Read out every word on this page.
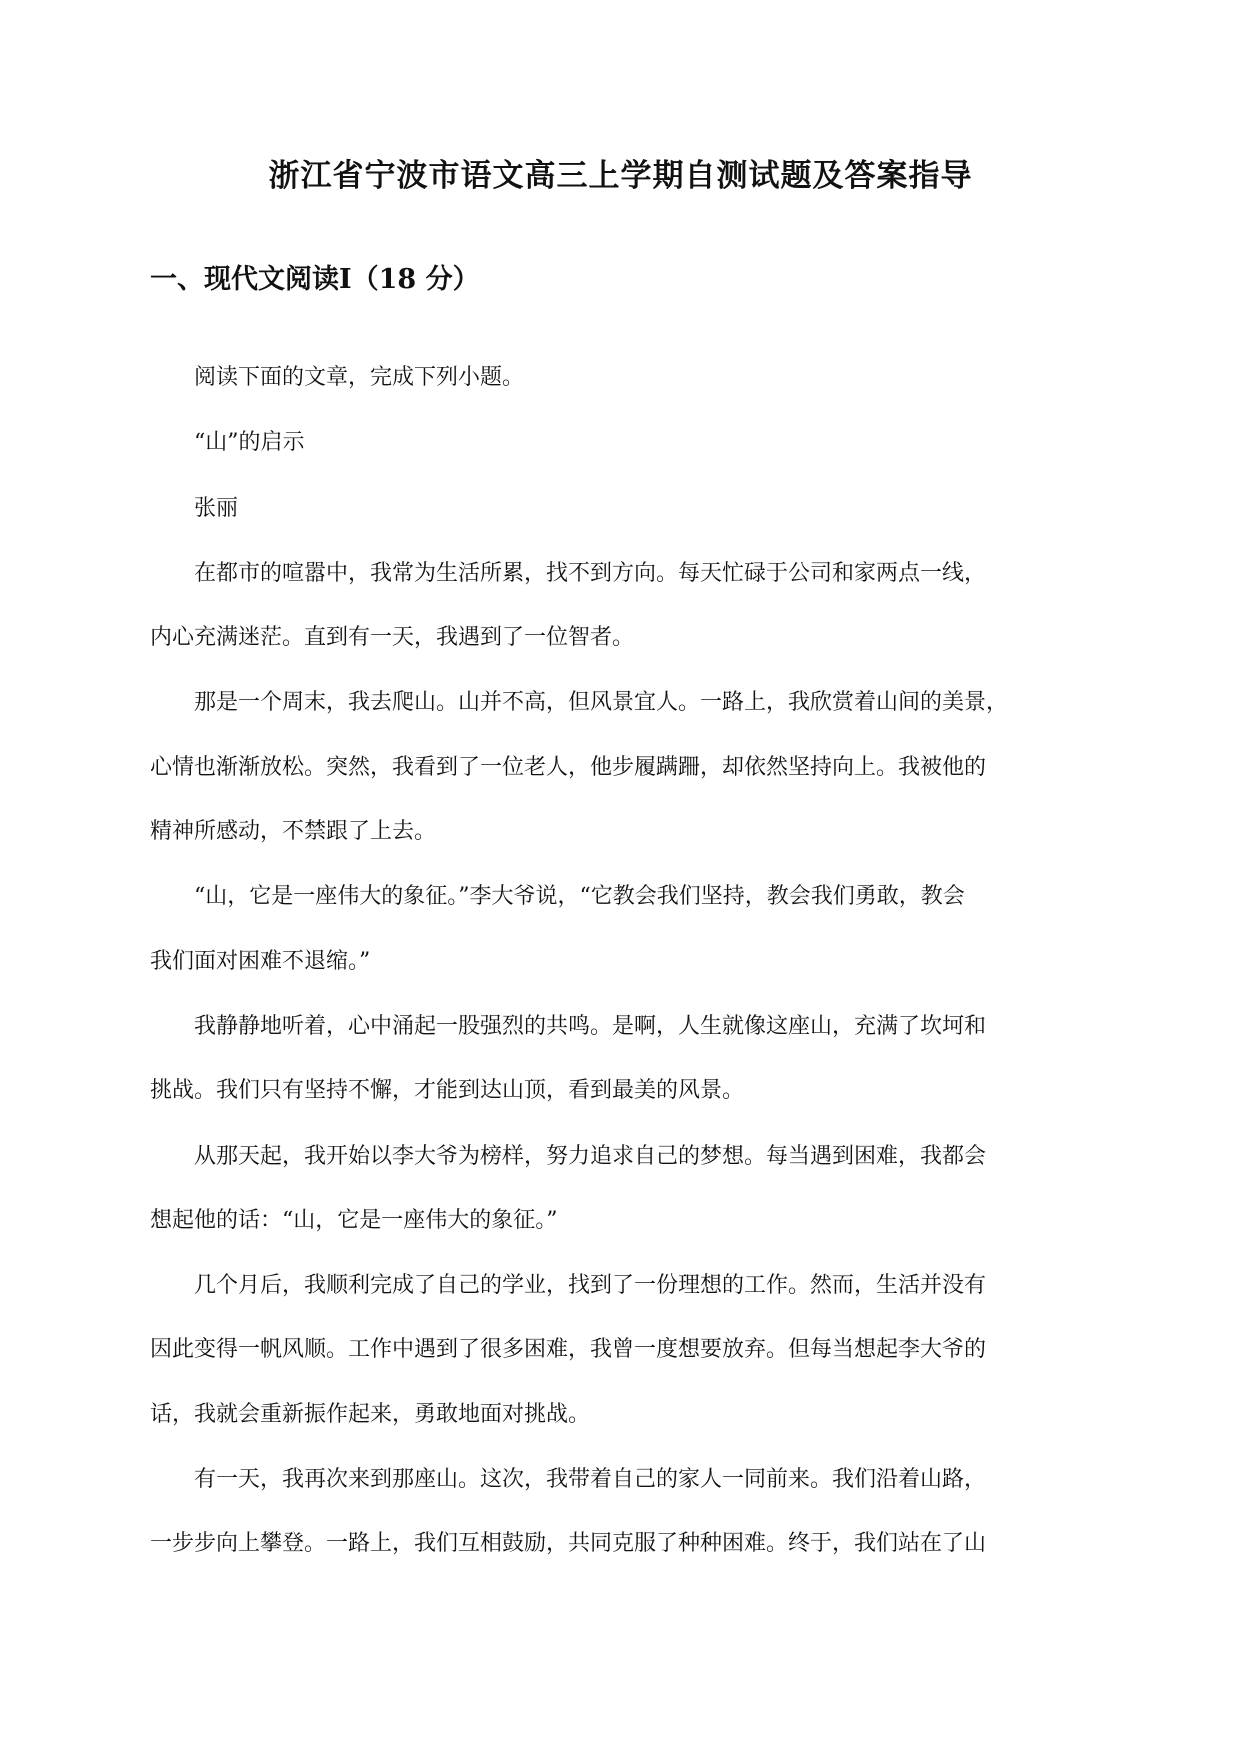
浙江省宁波市语文高三上学期自测试题及答案指导
一、现代文阅读Ⅰ（18 分）

阅读下面的文章，完成下列小题。

“山”的启示

张丽

在都市的喧嚣中，我常为生活所累，找不到方向。每天忙碌于公司和家两点一线，
内心充满迷茫。直到有一天，我遇到了一位智者。

那是一个周末，我去爬山。山并不高，但风景宜人。一路上，我欣赏着山间的美景，
心情也渐渐放松。突然，我看到了一位老人，他步履蹒跚，却依然坚持向上。我被他的
精神所感动，不禁跟了上去。

“山，它是一座伟大的象征。”李大爷说，“它教会我们坚持，教会我们勇敢，教会
我们面对困难不退缩。”

我静静地听着，心中涌起一股强烈的共鸣。是啊，人生就像这座山，充满了坎坷和
挑战。我们只有坚持不懈，才能到达山顶，看到最美的风景。

从那天起，我开始以李大爷为榜样，努力追求自己的梦想。每当遇到困难，我都会
想起他的话：“山，它是一座伟大的象征。”

几个月后，我顺利完成了自己的学业，找到了一份理想的工作。然而，生活并没有
因此变得一帆风顺。工作中遇到了很多困难，我曾一度想要放弃。但每当想起李大爷的
话，我就会重新振作起来，勇敢地面对挑战。

有一天，我再次来到那座山。这次，我带着自己的家人一同前来。我们沿着山路，
一步步向上攀登。一路上，我们互相鼓励，共同克服了种种困难。终于，我们站在了山
